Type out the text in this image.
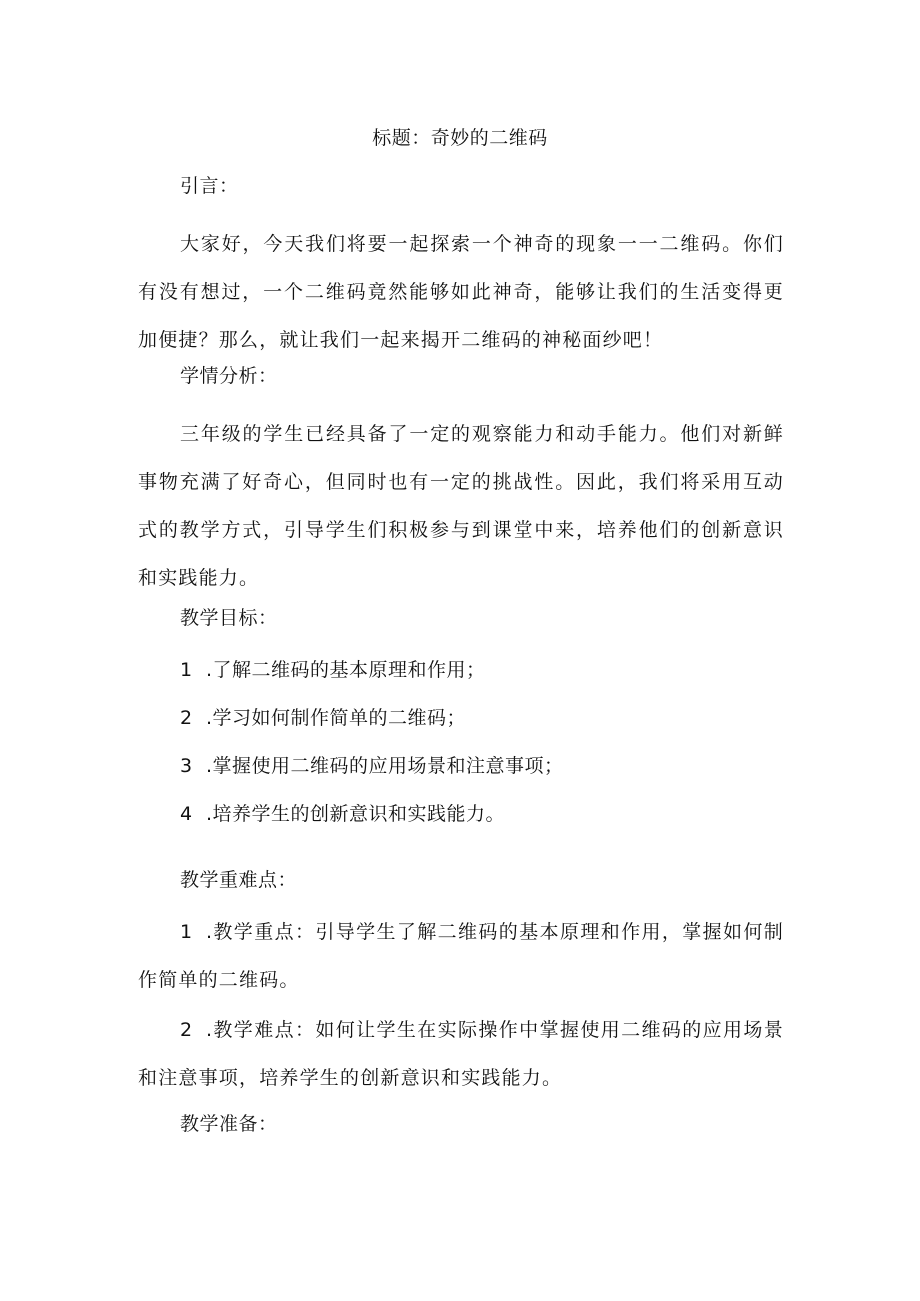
标题：奇妙的二维码
引言：
大家好，今天我们将要一起探索一个神奇的现象一一二维码。你们有没有想过，一个二维码竟然能够如此神奇，能够让我们的生活变得更加便捷？那么，就让我们一起来揭开二维码的神秘面纱吧！
学情分析：
三年级的学生已经具备了一定的观察能力和动手能力。他们对新鲜事物充满了好奇心，但同时也有一定的挑战性。因此，我们将采用互动式的教学方式，引导学生们积极参与到课堂中来，培养他们的创新意识和实践能力。
教学目标：
1 .了解二维码的基本原理和作用；
2 .学习如何制作简单的二维码；
3 .掌握使用二维码的应用场景和注意事项；
4 .培养学生的创新意识和实践能力。
教学重难点：
1 .教学重点：引导学生了解二维码的基本原理和作用，掌握如何制作简单的二维码。
2 .教学难点：如何让学生在实际操作中掌握使用二维码的应用场景和注意事项，培养学生的创新意识和实践能力。
教学准备：
